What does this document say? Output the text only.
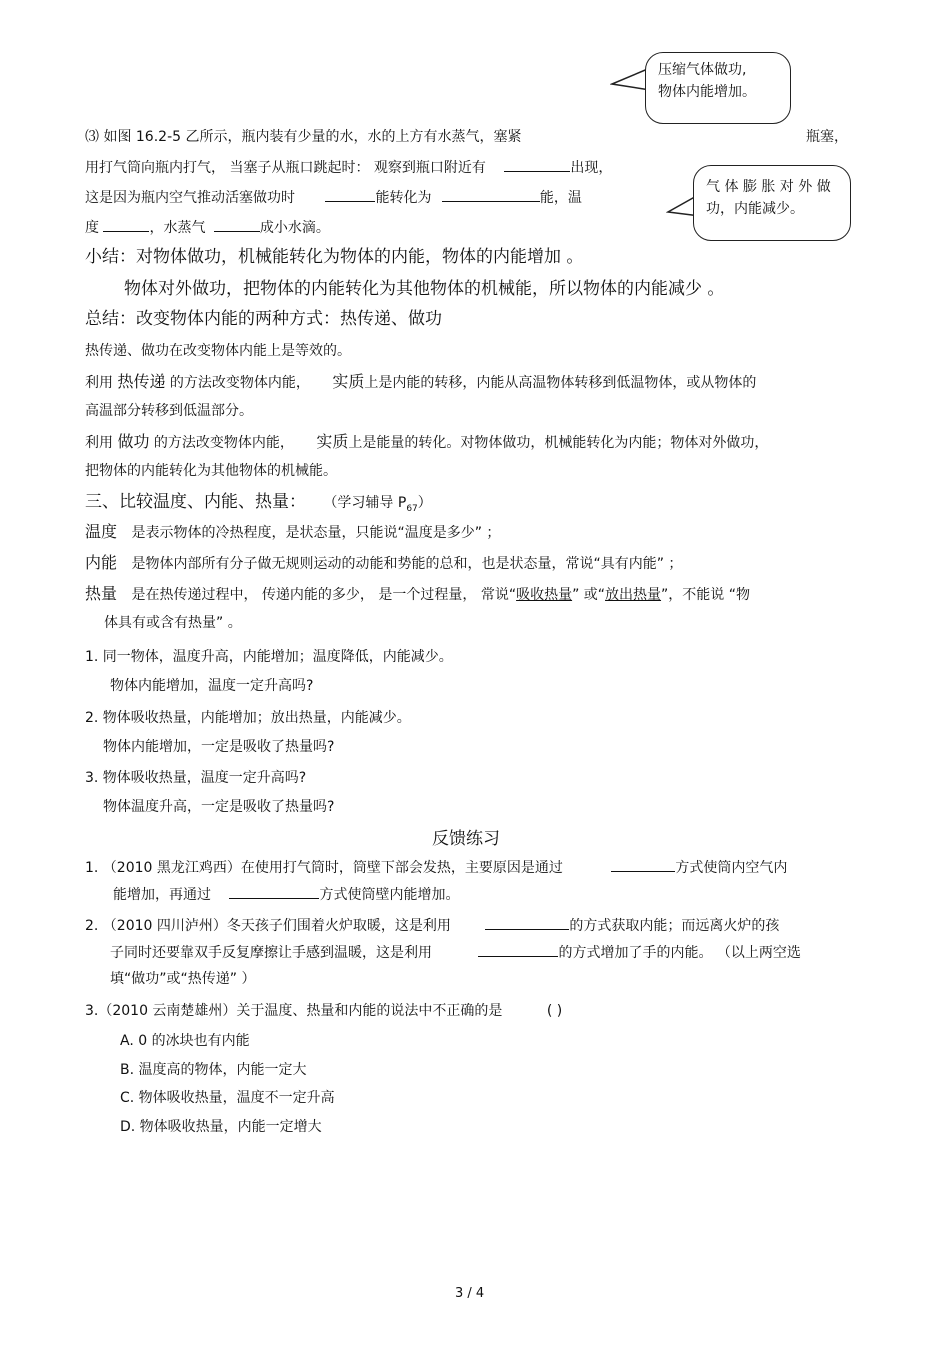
压缩气体做功,
物体内能增加。
气 体 膨 胀 对 外 做
功，内能减少。
⑶ 如图 16.2-5 乙所示，瓶内装有少量的水，水的上方有水蒸气，塞紧	瓶塞，
用打气筒向瓶内打气， 当塞子从瓶口跳起时： 观察到瓶口附近有	出现，
这是因为瓶内空气推动活塞做功时	能转化为	能，温
度	，水蒸气	成小水滴。
小结：对物体做功，机械能转化为物体的内能，物体的内能增加 。
物体对外做功，把物体的内能转化为其他物体的机械能，所以物体的内能减少 。
总结：改变物体内能的两种方式：热传递、做功
热传递、做功在改变物体内能上是等效的。
利用 热传递 的方法改变物体内能， 实质上是内能的转移，内能从高温物体转移到低温物体，或从物体的
高温部分转移到低温部分。
利用 做功 的方法改变物体内能， 实质上是能量的转化。对物体做功，机械能转化为内能；物体对外做功，
把物体的内能转化为其他物体的机械能。
三、比较温度、内能、热量： （学习辅导 $P_{67}$）
温度 是表示物体的冷热程度，是状态量，只能说“温度是多少” ；
内能 是物体内部所有分子做无规则运动的动能和势能的总和，也是状态量，常说“具有内能” ；
热量 是在热传递过程中， 传递内能的多少， 是一个过程量， 常说“吸收热量” 或“放出热量”，不能说 “物
体具有或含有热量” 。
1. 同一物体，温度升高，内能增加；温度降低，内能减少。
物体内能增加，温度一定升高吗?
2. 物体吸收热量，内能增加；放出热量，内能减少。
物体内能增加，一定是吸收了热量吗?
3. 物体吸收热量，温度一定升高吗?
物体温度升高，一定是吸收了热量吗?
反馈练习
1. （2010 黑龙江鸡西）在使用打气筒时，筒壁下部会发热，主要原因是通过	方式使筒内空气内
能增加，再通过	方式使筒壁内能增加。
2. （2010 四川泸州）冬天孩子们围着火炉取暖，这是利用	的方式获取内能；而远离火炉的孩
子同时还要靠双手反复摩擦让手感到温暖，这是利用	的方式增加了手的内能。 （以上两空选
填“做功”或“热传递” ）
3.（2010 云南楚雄州）关于温度、热量和内能的说法中不正确的是	( )
A. 0 的冰块也有内能
B. 温度高的物体，内能一定大
C. 物体吸收热量，温度不一定升高
D. 物体吸收热量，内能一定增大
3 / 4
